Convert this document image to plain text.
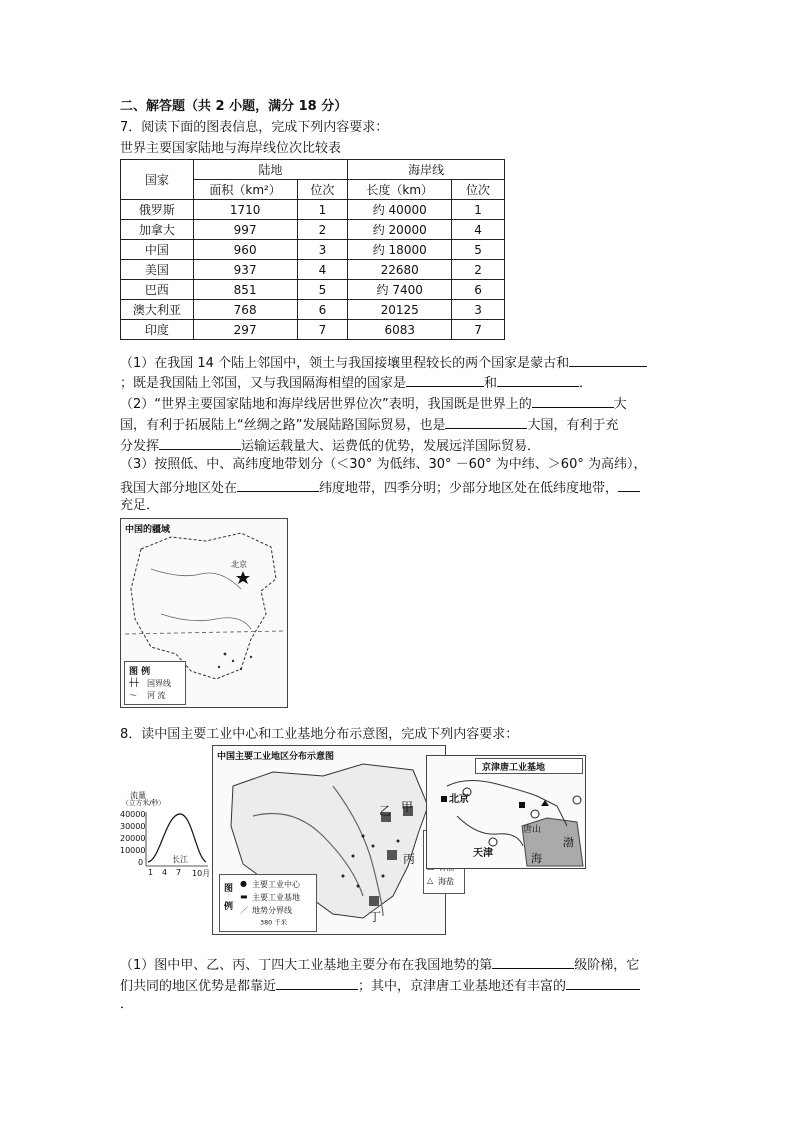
二、解答题（共 2 小题，满分 18 分）
7．阅读下面的图表信息，完成下列内容要求：
世界主要国家陆地与海岸线位次比较表
国家	陆地		海岸线	
	面积（km²）	位次	长度（km）	位次
俄罗斯	1710	1	约 40000	1
加拿大	997	2	约 20000	4
中国	960	3	约 18000	5
美国	937	4	22680	2
巴西	851	5	约 7400	6
澳大利亚	768	6	20125	3
印度	297	7	6083	7
（1）在我国 14 个陆上邻国中，领土与我国接壤里程较长的两个国家是蒙古和
；既是我国陆上邻国，又与我国隔海相望的国家是	和	．
（2）“世界主要国家陆地和海岸线居世界位次”表明，我国既是世界上的	大
国，有利于拓展陆上“丝绸之路”发展陆路国际贸易，也是	大国，有利于充
分发挥	运输运载量大、运费低的优势，发展远洋国际贸易．
（3）按照低、中、高纬度地带划分（＜30° 为低纬、30° －60° 为中纬、＞60° 为高纬），
我国大部分地区处在	纬度地带，四季分明；少部分地区处在低纬度地带，
充足．
中国的疆域
北京
图 例
┼┼ 国界线
～ 河 流
8．读中国主要工业中心和工业基地分布示意图，完成下列内容要求：
流量
（立方米/秒）
40000
30000
20000
10000
0
1 4 7 10月
长江
中国主要工业地区分布示意图
甲
乙
丙
丁
图
例
● 主要工业中心
▬ 主要工业基地
／ 地势分界线
380 千米
△ 海盐
京津唐工业基地
北京
天津
唐山
渤
海
（1）图中甲、乙、丙、丁四大工业基地主要分布在我国地势的第	级阶梯，它
们共同的地区优势是都靠近	；其中，京津唐工业基地还有丰富的
．
